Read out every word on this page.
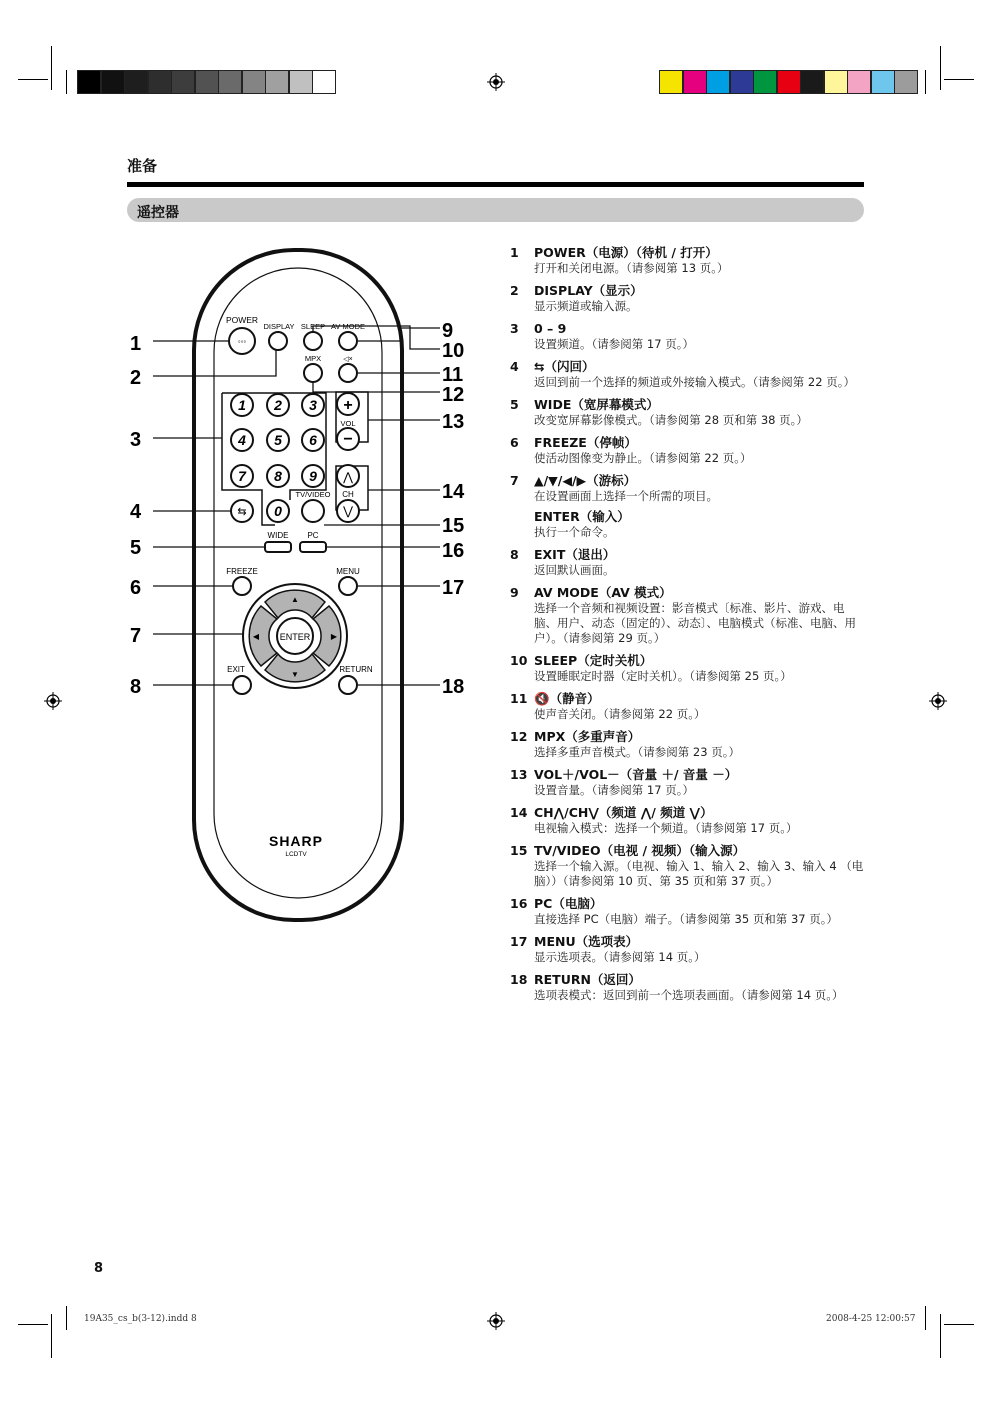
准备
遥控器
POWER
DISPLAY SLEEP AV MODE
MPX	◁×
◦◦◦
1 2 3
4 5 6
7 8 9
0
⇆
+
VOL
−
⋀
CH
⋁
TV/VIDEO
WIDE PC
FREEZE	MENU
▲
▼
◀	▶
ENTER
EXIT	RETURN
SHARP
LCDTV
1
2
3
4
5
6
7
8
9
10
11
12
13
14
15
16
17
18
1	POWER（电源）（待机 / 打开）
打开和关闭电源。（请参阅第 13 页。）
2	DISPLAY（显示）
显示频道或输入源。
3	0 – 9
设置频道。（请参阅第 17 页。）
4	⇆（闪回）
返回到前一个选择的频道或外接输入模式。（请参阅第 22 页。）
5	WIDE（宽屏幕模式）
改变宽屏幕影像模式。（请参阅第 28 页和第 38 页。）
6	FREEZE（停帧）
使活动图像变为静止。（请参阅第 22 页。）
7	▲/▼/◀/▶（游标）
在设置画面上选择一个所需的项目。
ENTER（输入）
执行一个命令。
8	EXIT（退出）
返回默认画面。
9	AV MODE（AV 模式）
选择一个音频和视频设置：影音模式〔标准、影片、游戏、电脑、用户、动态（固定的）、动态〕、电脑模式（标准、电脑、用户）。（请参阅第 29 页。）
10 SLEEP（定时关机）
设置睡眠定时器（定时关机）。（请参阅第 25 页。）
11 🔇（静音）
使声音关闭。（请参阅第 22 页。）
12 MPX（多重声音）
选择多重声音模式。（请参阅第 23 页。）
13 VOL＋/VOL－（音量 ＋/ 音量 －）
设置音量。（请参阅第 17 页。）
14 CH⋀/CH⋁（频道 ⋀/ 频道 ⋁）
电视输入模式：选择一个频道。（请参阅第 17 页。）
15 TV/VIDEO（电视 / 视频）（输入源）
选择一个输入源。（电视、输入 1、输入 2、输入 3、输入 4 （电脑））（请参阅第 10 页、第 35 页和第 37 页。）
16 PC（电脑）
直接选择 PC（电脑）端子。（请参阅第 35 页和第 37 页。）
17 MENU（选项表）
显示选项表。（请参阅第 14 页。）
18 RETURN（返回）
选项表模式：返回到前一个选项表画面。（请参阅第 14 页。）
8
19A35_cs_b(3-12).indd 8	2008-4-25 12:00:57
